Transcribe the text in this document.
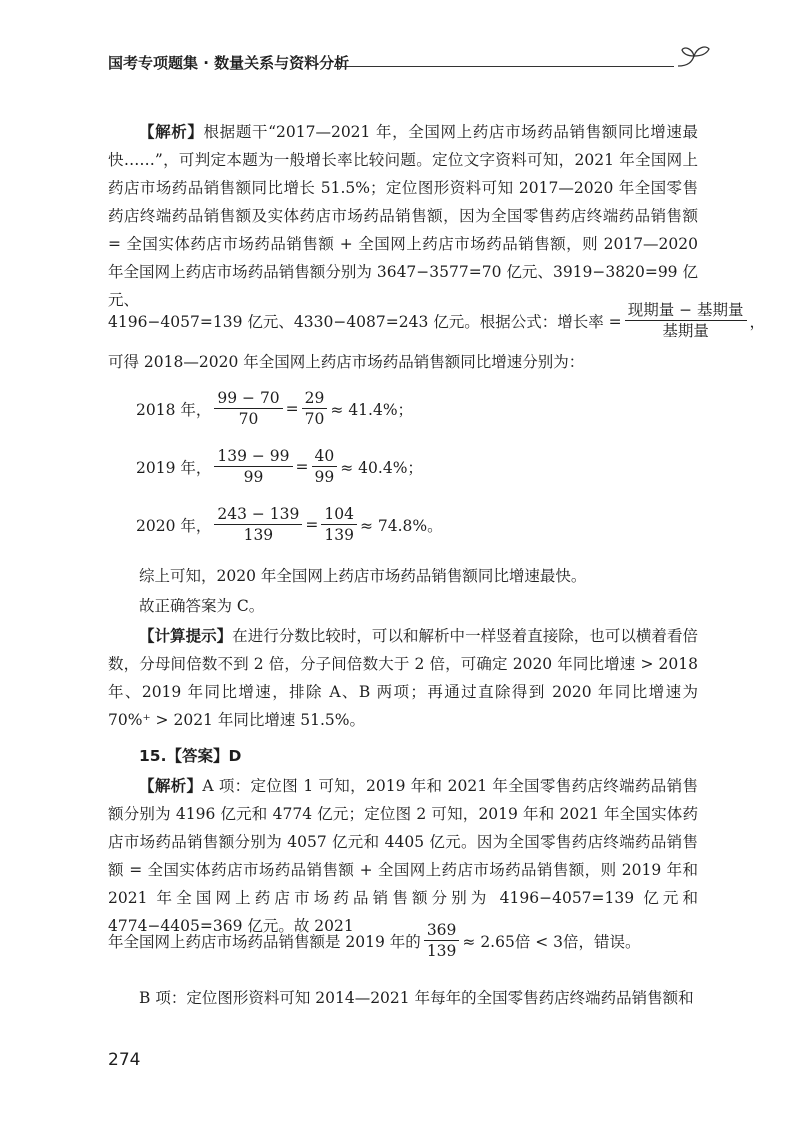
国考专项题集 · 数量关系与资料分析

【解析】根据题干“2017—2021 年，全国网上药店市场药品销售额同比增速最快……”，可判定本题为一般增长率比较问题。定位文字资料可知，2021 年全国网上药店市场药品销售额同比增长 51.5%；定位图形资料可知 2017—2020 年全国零售药店终端药品销售额及实体药店市场药品销售额，因为全国零售药店终端药品销售额 = 全国实体药店市场药品销售额 + 全国网上药店市场药品销售额，则 2017—2020 年全国网上药店市场药品销售额分别为 3647−3577=70 亿元、3919−3820=99 亿元、

4196−4057=139 亿元、4330−4087=243 亿元。根据公式：增长率 = $\frac{\text{现期量 − 基期量}}{\text{基期量}}$ ，

可得 2018—2020 年全国网上药店市场药品销售额同比增速分别为：

2018 年， $\frac{99 - 70}{70} = \frac{29}{70} \approx 41.4\%$；
2019 年， $\frac{139 - 99}{99} = \frac{40}{99} \approx 40.4\%$；
2020 年， $\frac{243 - 139}{139} = \frac{104}{139} \approx 74.8\%$。

综上可知，2020 年全国网上药店市场药品销售额同比增速最快。

故正确答案为 C。

【计算提示】在进行分数比较时，可以和解析中一样竖着直接除，也可以横着看倍数，分母间倍数不到 2 倍，分子间倍数大于 2 倍，可确定 2020 年同比增速 > 2018 年、2019 年同比增速，排除 A、B 两项；再通过直除得到 2020 年同比增速为 70%⁺ > 2021 年同比增速 51.5%。

15.【答案】D

【解析】A 项：定位图 1 可知，2019 年和 2021 年全国零售药店终端药品销售额分别为 4196 亿元和 4774 亿元；定位图 2 可知，2019 年和 2021 年全国实体药店市场药品销售额分别为 4057 亿元和 4405 亿元。因为全国零售药店终端药品销售额 = 全国实体药店市场药品销售额 + 全国网上药店市场药品销售额，则 2019 年和 2021 年全国网上药店市场药品销售额分别为 4196−4057=139 亿元和 4774−4405=369 亿元。故 2021

年全国网上药店市场药品销售额是 2019 年的 $\frac{369}{139} \approx 2.65$倍 < 3倍，错误。

B 项：定位图形资料可知 2014—2021 年每年的全国零售药店终端药品销售额和

274
